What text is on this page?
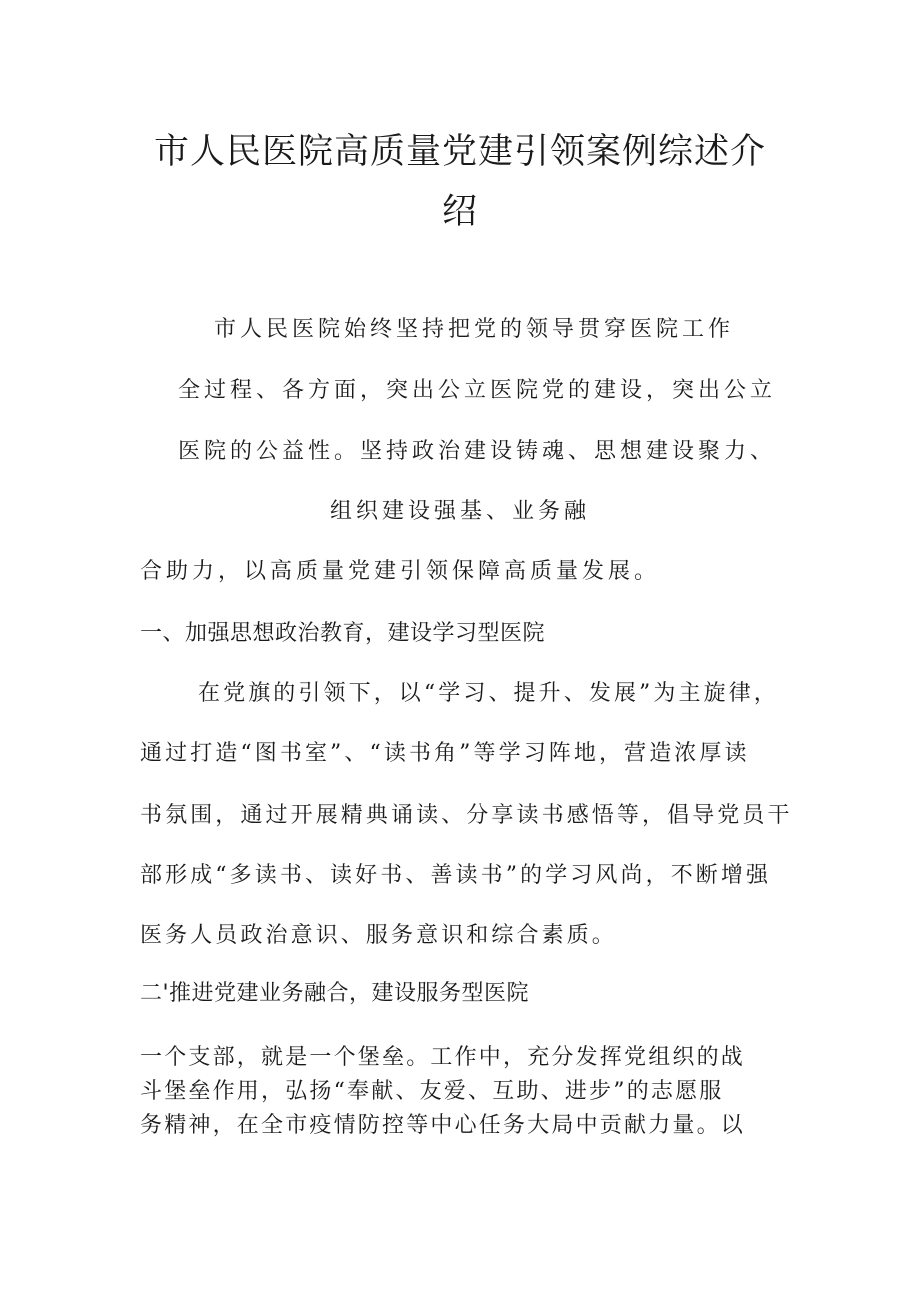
市人民医院高质量党建引领案例综述介
绍

市人民医院始终坚持把党的领导贯穿医院工作

全过程、各方面，突出公立医院党的建设，突出公立

医院的公益性。坚持政治建设铸魂、思想建设聚力、

组织建设强基、业务融

合助力，以高质量党建引领保障高质量发展。

一、加强思想政治教育，建设学习型医院

在党旗的引领下，以“学习、提升、发展”为主旋律，

通过打造“图书室”、“读书角”等学习阵地，营造浓厚读

书氛围，通过开展精典诵读、分享读书感悟等，倡导党员干

部形成“多读书、读好书、善读书”的学习风尚，不断增强

医务人员政治意识、服务意识和综合素质。

二'推进党建业务融合，建设服务型医院

一个支部，就是一个堡垒。工作中，充分发挥党组织的战

斗堡垒作用，弘扬“奉献、友爱、互助、进步”的志愿服

务精神，在全市疫情防控等中心任务大局中贡献力量。以
